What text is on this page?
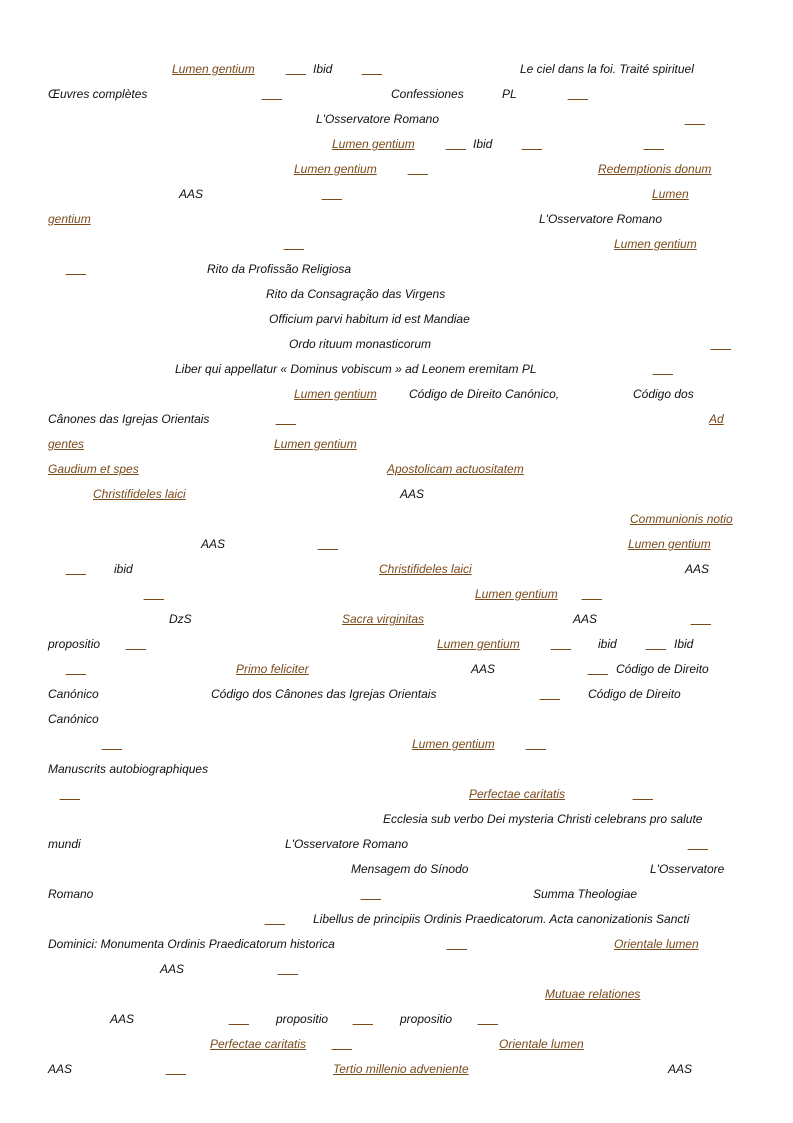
Lumen gentium	___ Ibid ___	Le ciel dans la foi. Traité spirituel
Œuvres complètes	___	Confessiones	PL	___
L'Osservatore Romano	___
Lumen gentium	___ Ibid ___	___
Lumen gentium	___	Redemptionis donum
AAS	___	Lumen
gentium	L'Osservatore Romano
___	Lumen gentium
___	Rito da Profissão Religiosa
Rito da Consagração das Virgens
Officium parvi habitum id est Mandiae
Ordo rituum monasticorum	___
Liber qui appellatur « Dominus vobiscum » ad Leonem eremitam PL	___
Lumen gentium	Código de Direito Canónico,	Código dos
Cânones das Igrejas Orientais	___	Ad
gentes	Lumen gentium
Gaudium et spes	Apostolicam actuositatem
Christifideles laici	AAS
Communionis notio
AAS	___	Lumen gentium
___ ibid	Christifideles laici	AAS
___	Lumen gentium ___
DzS	Sacra virginitas	AAS	___
propositio ___	Lumen gentium	___ ibid ___ Ibid
___	Primo feliciter	AAS	___ Código de Direito
Canónico	Código dos Cânones das Igrejas Orientais	___ Código de Direito
Canónico
___	Lumen gentium	___
Manuscrits autobiographiques
___	Perfectae caritatis	___
Ecclesia sub verbo Dei mysteria Christi celebrans pro salute
mundi	L'Osservatore Romano	___
Mensagem do Sínodo	L'Osservatore
Romano	___	Summa Theologiae
___ Libellus de principiis Ordinis Praedicatorum. Acta canonizationis Sancti
Dominici: Monumenta Ordinis Praedicatorum historica	___	Orientale lumen
AAS	___
Mutuae relationes
AAS	___ propositio ___ propositio ___
Perfectae caritatis ___	Orientale lumen
AAS	___	Tertio millenio adveniente	AAS
